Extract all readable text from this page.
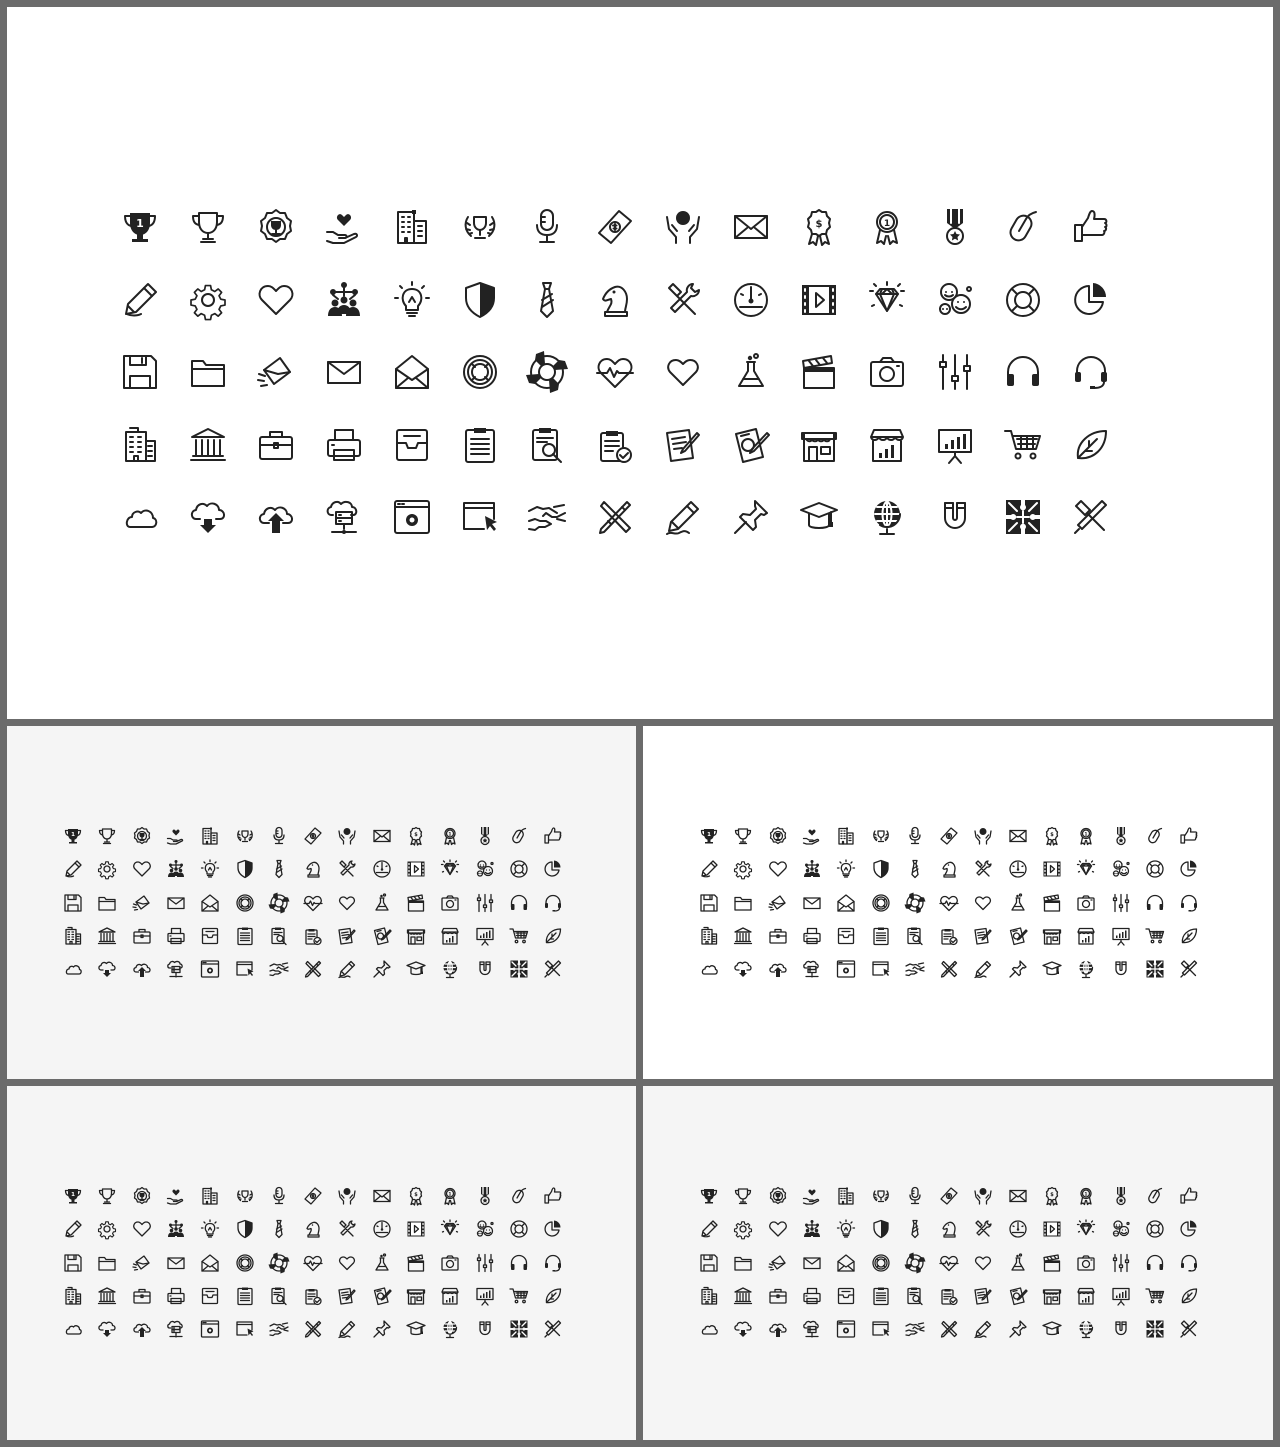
1	$	1
1	$	1	1	$	1
1	$	1	1	$	1
